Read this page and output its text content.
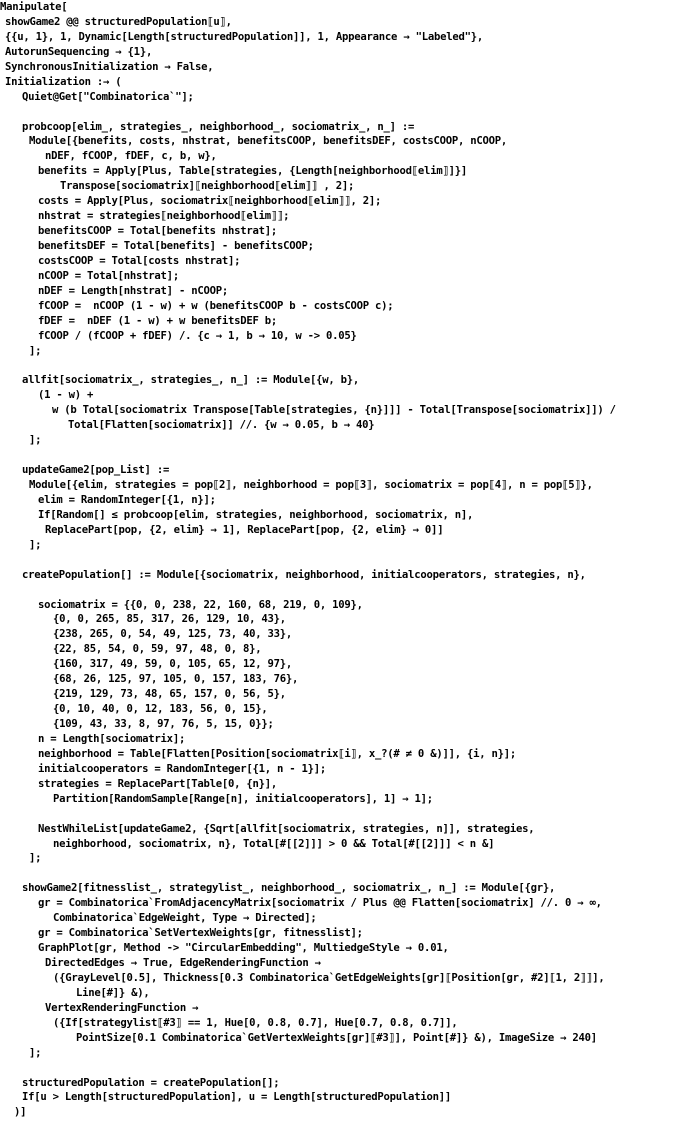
Manipulate[
showGame2 @@ structuredPopulation⟦u⟧,
{{u, 1}, 1, Dynamic[Length[structuredPopulation]], 1, Appearance → "Labeled"},
AutorunSequencing → {1},
SynchronousInitialization → False,
Initialization :→ (
Quiet@Get["Combinatorica`"];
probcoop[elim_, strategies_, neighborhood_, sociomatrix_, n_] :=
Module[{benefits, costs, nhstrat, benefitsCOOP, benefitsDEF, costsCOOP, nCOOP,
nDEF, fCOOP, fDEF, c, b, w},
benefits = Apply[Plus, Table[strategies, {Length[neighborhood⟦elim⟧]}]
Transpose[sociomatrix]⟦neighborhood⟦elim⟧⟧ , 2];
costs = Apply[Plus, sociomatrix⟦neighborhood⟦elim⟧⟧, 2];
nhstrat = strategies⟦neighborhood⟦elim⟧⟧;
benefitsCOOP = Total[benefits nhstrat];
benefitsDEF = Total[benefits] - benefitsCOOP;
costsCOOP = Total[costs nhstrat];
nCOOP = Total[nhstrat];
nDEF = Length[nhstrat] - nCOOP;
fCOOP =  nCOOP (1 - w) + w (benefitsCOOP b - costsCOOP c);
fDEF =  nDEF (1 - w) + w benefitsDEF b;
fCOOP / (fCOOP + fDEF) /. {c → 1, b → 10, w -> 0.05}
];
allfit[sociomatrix_, strategies_, n_] := Module[{w, b},
(1 - w) +
w (b Total[sociomatrix Transpose[Table[strategies, {n}]]] - Total[Transpose[sociomatrix]]) /
Total[Flatten[sociomatrix]] //. {w → 0.05, b → 40}
];
updateGame2[pop_List] :=
Module[{elim, strategies = pop⟦2⟧, neighborhood = pop⟦3⟧, sociomatrix = pop⟦4⟧, n = pop⟦5⟧},
elim = RandomInteger[{1, n}];
If[Random[] ≤ probcoop[elim, strategies, neighborhood, sociomatrix, n],
ReplacePart[pop, {2, elim} → 1], ReplacePart[pop, {2, elim} → 0]]
];
createPopulation[] := Module[{sociomatrix, neighborhood, initialcooperators, strategies, n},
sociomatrix = {{0, 0, 238, 22, 160, 68, 219, 0, 109},
{0, 0, 265, 85, 317, 26, 129, 10, 43},
{238, 265, 0, 54, 49, 125, 73, 40, 33},
{22, 85, 54, 0, 59, 97, 48, 0, 8},
{160, 317, 49, 59, 0, 105, 65, 12, 97},
{68, 26, 125, 97, 105, 0, 157, 183, 76},
{219, 129, 73, 48, 65, 157, 0, 56, 5},
{0, 10, 40, 0, 12, 183, 56, 0, 15},
{109, 43, 33, 8, 97, 76, 5, 15, 0}};
n = Length[sociomatrix];
neighborhood = Table[Flatten[Position[sociomatrix⟦i⟧, x_?(# ≠ 0 &)]], {i, n}];
initialcooperators = RandomInteger[{1, n - 1}];
strategies = ReplacePart[Table[0, {n}],
Partition[RandomSample[Range[n], initialcooperators], 1] → 1];
NestWhileList[updateGame2, {Sqrt[allfit[sociomatrix, strategies, n]], strategies,
neighborhood, sociomatrix, n}, Total[#[[2]]] > 0 && Total[#[[2]]] < n &]
];
showGame2[fitnesslist_, strategylist_, neighborhood_, sociomatrix_, n_] := Module[{gr},
gr = Combinatorica`FromAdjacencyMatrix[sociomatrix / Plus @@ Flatten[sociomatrix] //. 0 → ∞,
Combinatorica`EdgeWeight, Type → Directed];
gr = Combinatorica`SetVertexWeights[gr, fitnesslist];
GraphPlot[gr, Method -> "CircularEmbedding", MultiedgeStyle → 0.01,
DirectedEdges → True, EdgeRenderingFunction →
({GrayLevel[0.5], Thickness[0.3 Combinatorica`GetEdgeWeights[gr]⟦Position[gr, #2]⟦1, 2⟧⟧],
Line[#]} &),
VertexRenderingFunction →
({If[strategylist⟦#3⟧ == 1, Hue[0, 0.8, 0.7], Hue[0.7, 0.8, 0.7]],
PointSize[0.1 Combinatorica`GetVertexWeights[gr]⟦#3⟧], Point[#]} &), ImageSize → 240]
];
structuredPopulation = createPopulation[];
If[u > Length[structuredPopulation], u = Length[structuredPopulation]]
)]
